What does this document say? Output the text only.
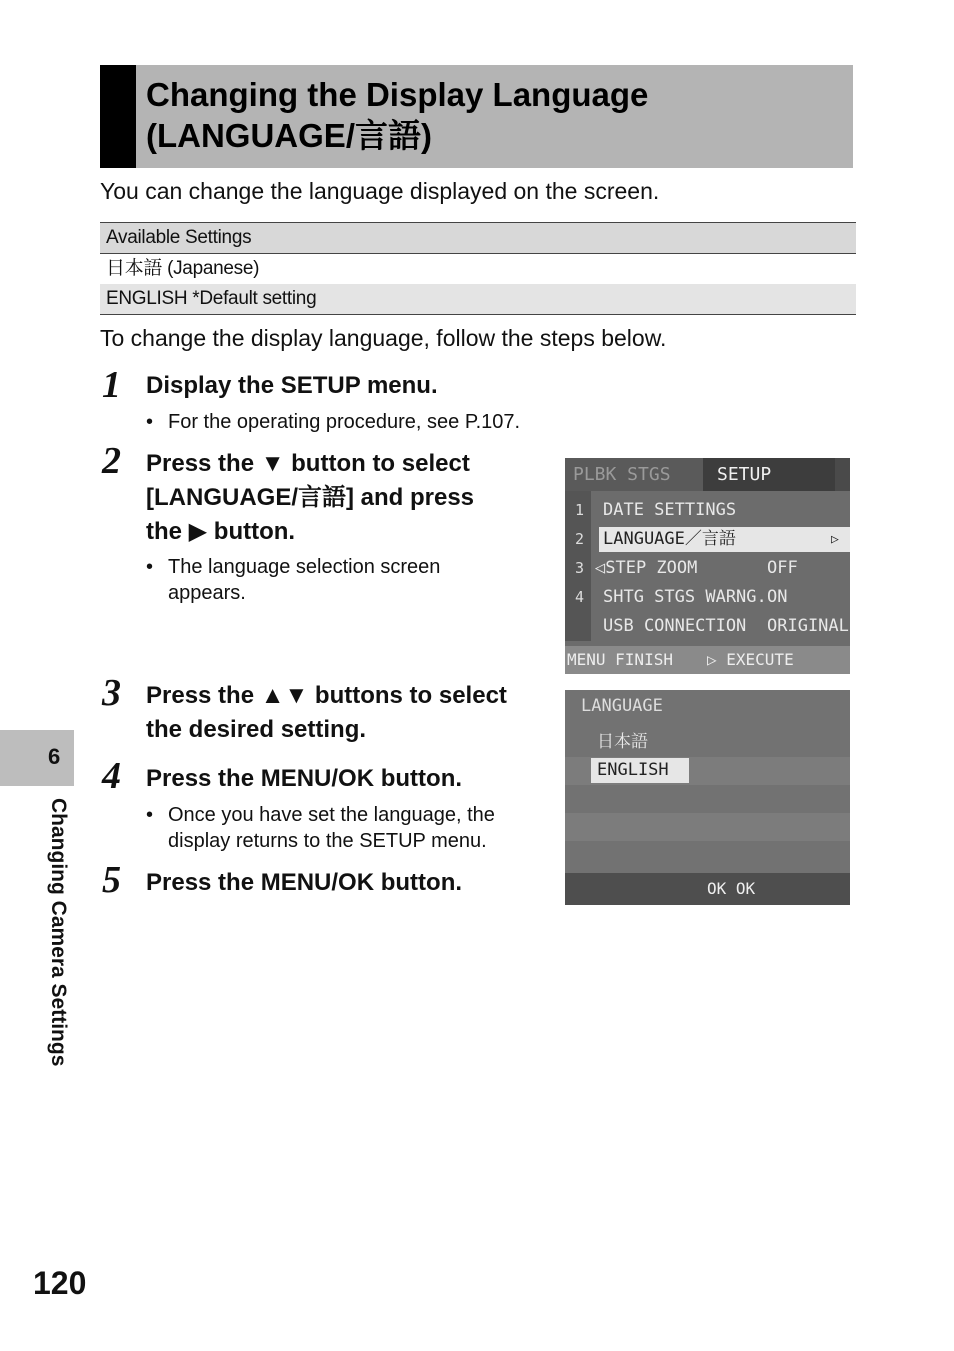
Changing the Display Language
(LANGUAGE/言語)
You can change the language displayed on the screen.
Available Settings
日本語 (Japanese)
ENGLISH *Default setting
To change the display language, follow the steps below.
1 Display the SETUP menu.
• For the operating procedure, see P.107.
2 Press the ▼ button to select
[LANGUAGE/言語] and press
the ▶ button.
• The language selection screen
appears.
3 Press the ▲▼ buttons to select
the desired setting.
4 Press the MENU/OK button.
• Once you have set the language, the
display returns to the SETUP menu.
5 Press the MENU/OK button.
PLBK STGS	SETUP
1 DATE SETTINGS
2 LANGUAGE／言語	▷
3 ◁STEP ZOOM	OFF
4 SHTG STGS WARNG. ON
USB CONNECTION ORIGINAL
MENU FINISH ▷ EXECUTE
LANGUAGE
日本語
ENGLISH
OK OK
6
Changing Camera Settings
120
